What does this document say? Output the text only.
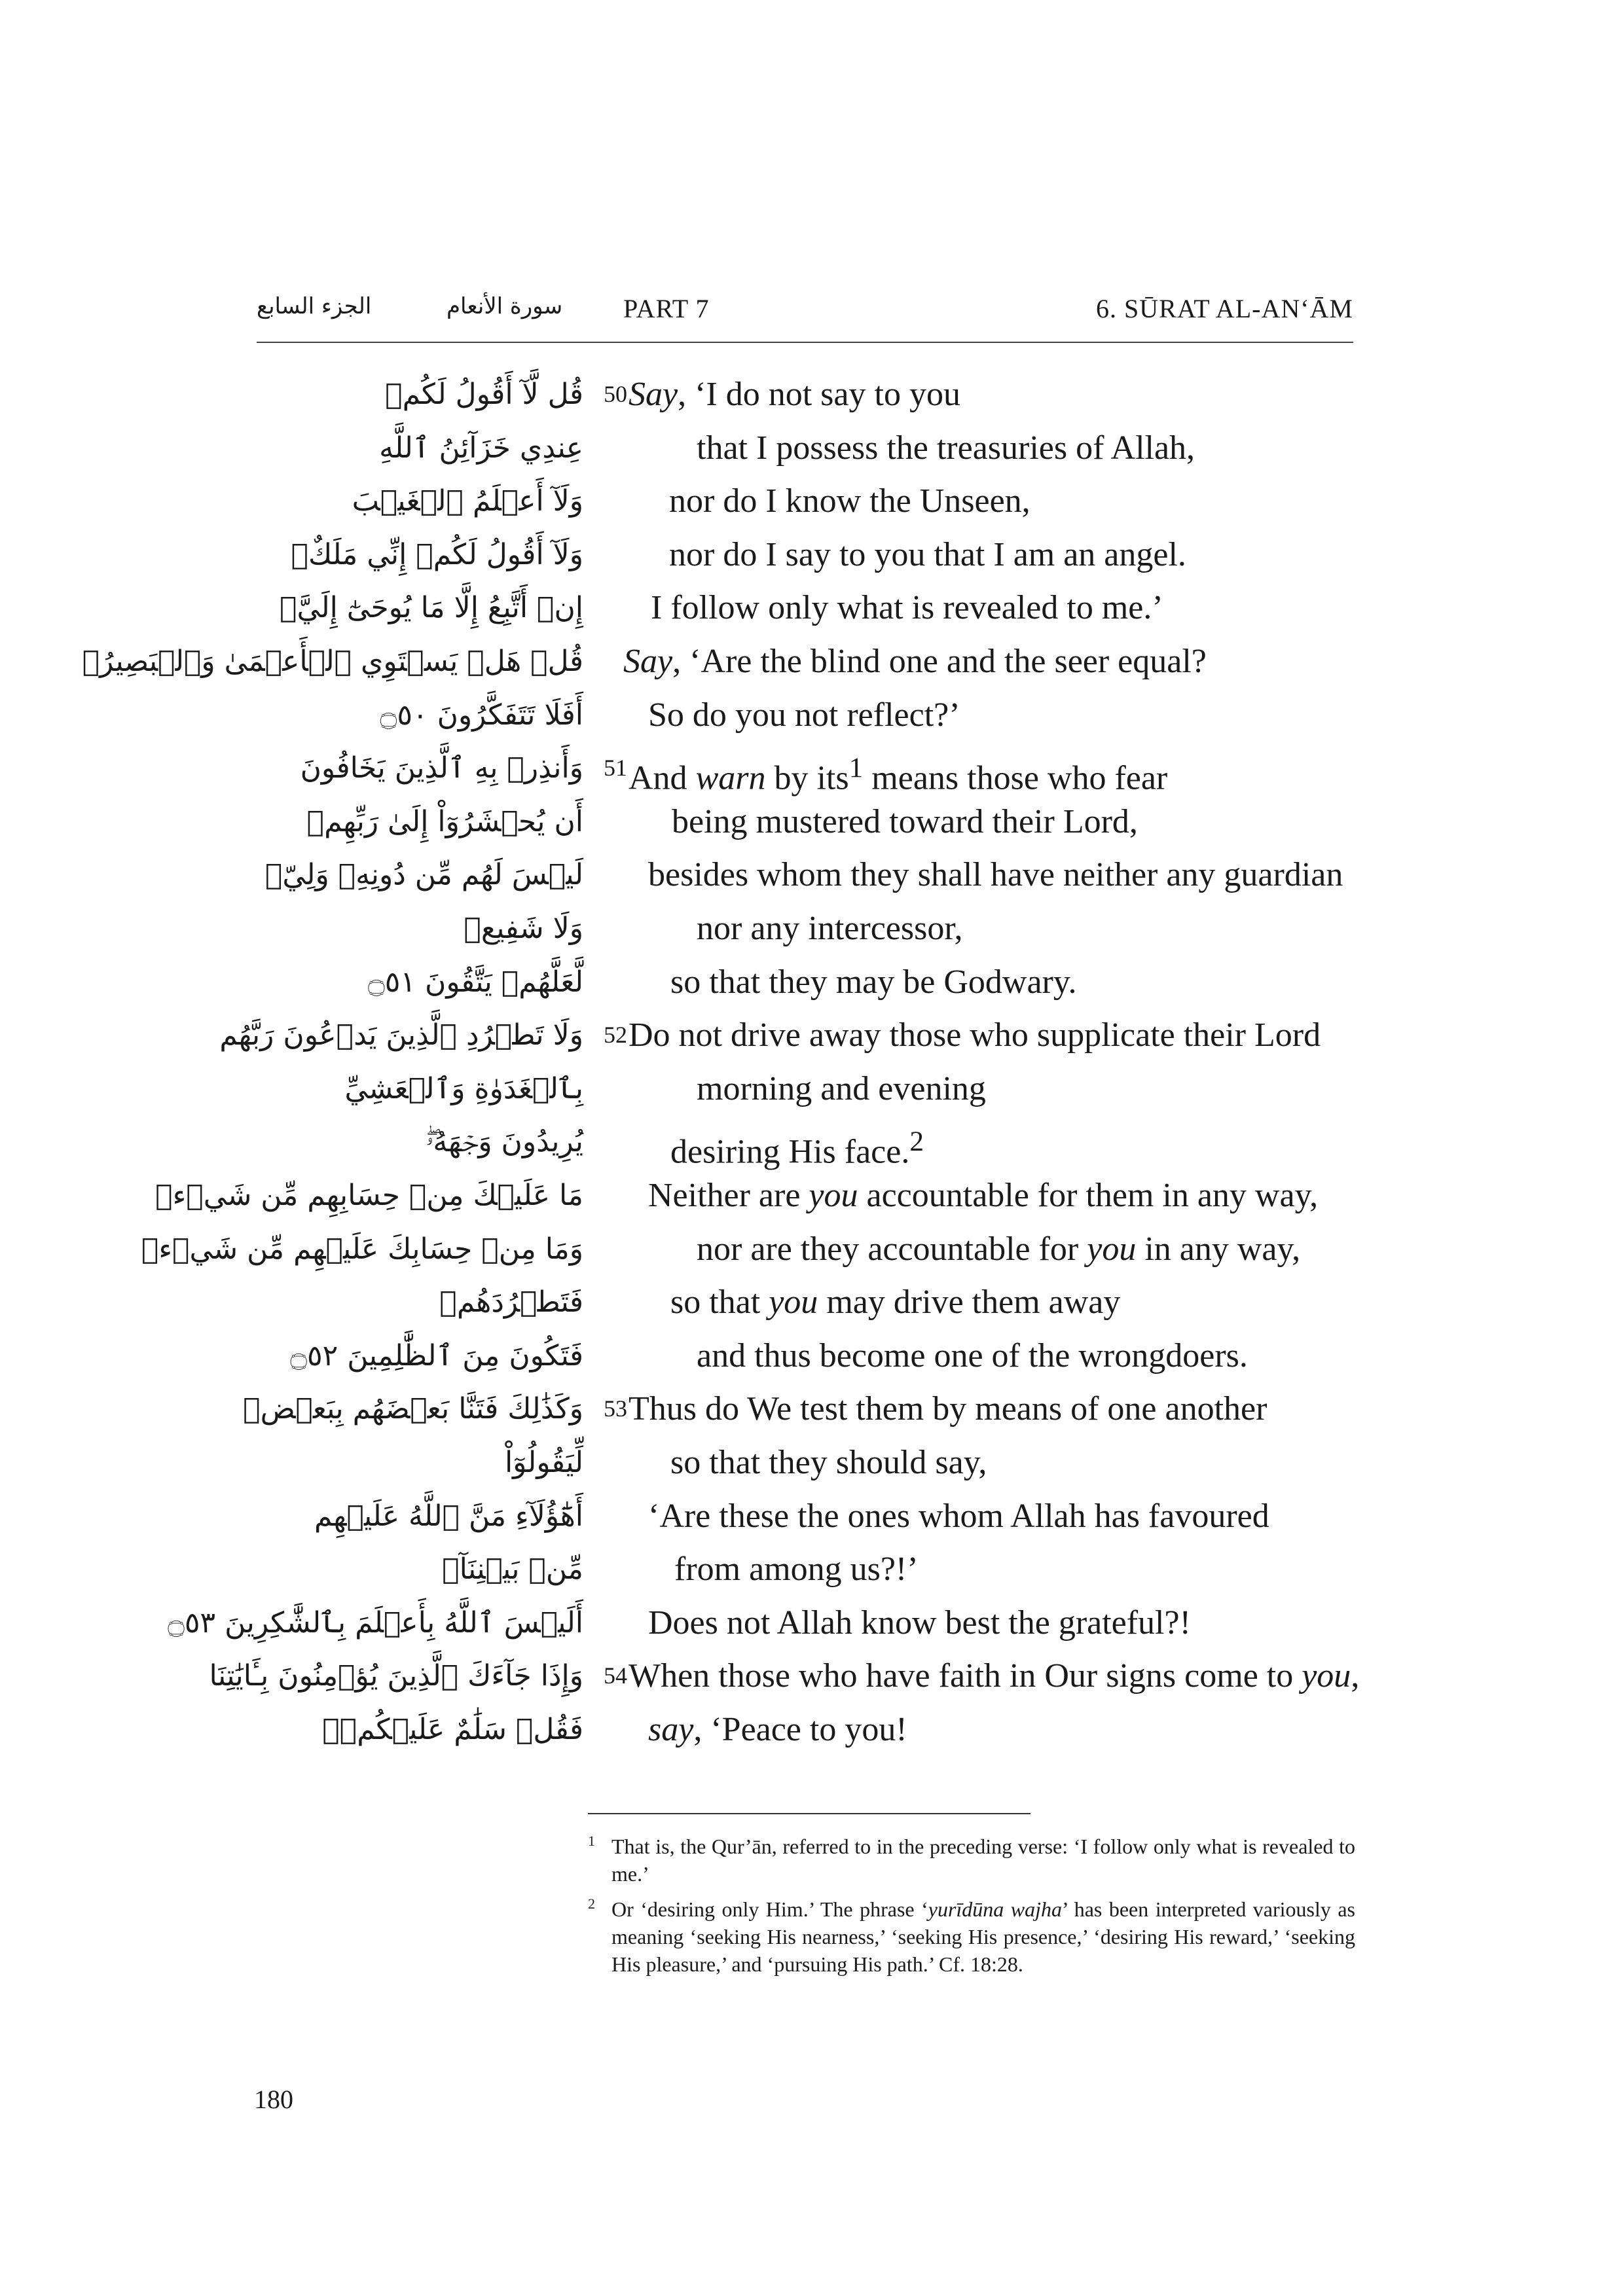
الجزء السابع	سورة الأنعام PART 7	6. SŪRAT AL-AN‘ĀM
قُل لَّآ أَقُولُ لَكُمۡ 50 Say, ‘I do not say to you
عِندِي خَزَآئِنُ ٱللَّهِ	that I possess the treasuries of Allah,
وَلَآ أَعۡلَمُ ٱلۡغَيۡبَ	nor do I know the Unseen,
وَلَآ أَقُولُ لَكُمۡ إِنِّي مَلَكٌۖ	nor do I say to you that I am an angel.
إِنۡ أَتَّبِعُ إِلَّا مَا يُوحَىٰٓ إِلَيَّۚ I follow only what is revealed to me.’
قُلۡ هَلۡ يَسۡتَوِي ٱلۡأَعۡمَىٰ وَٱلۡبَصِيرُۚ Say, ‘Are the blind one and the seer equal?
أَفَلَا تَتَفَكَّرُونَ ۝٥٠ So do you not reflect?’
وَأَنذِرۡ بِهِ ٱلَّذِينَ يَخَافُونَ 51 And warn by its$^1$ means those who fear
أَن يُحۡشَرُوٓاْ إِلَىٰ رَبِّهِمۡ	being mustered toward their Lord,
لَيۡسَ لَهُم مِّن دُونِهِۦ وَلِيّٞ besides whom they shall have neither any guardian
وَلَا شَفِيعٞ	nor any intercessor,
لَّعَلَّهُمۡ يَتَّقُونَ ۝٥١	so that they may be Godwary.
وَلَا تَطۡرُدِ ٱلَّذِينَ يَدۡعُونَ رَبَّهُم 52 Do not drive away those who supplicate their Lord
بِٱلۡغَدَوٰةِ وَٱلۡعَشِيِّ	morning and evening
يُرِيدُونَ وَجۡهَهُۥۖ	desiring His face.$^2$
مَا عَلَيۡكَ مِنۡ حِسَابِهِم مِّن شَيۡءٖ Neither are you accountable for them in any way,
وَمَا مِنۡ حِسَابِكَ عَلَيۡهِم مِّن شَيۡءٖ	nor are they accountable for you in any way,
فَتَطۡرُدَهُمۡ	so that you may drive them away
فَتَكُونَ مِنَ ٱلظَّٰلِمِينَ ۝٥٢	and thus become one of the wrongdoers.
وَكَذَٰلِكَ فَتَنَّا بَعۡضَهُم بِبَعۡضٖ 53 Thus do We test them by means of one another
لِّيَقُولُوٓاْ	so that they should say,
أَهَٰٓؤُلَآءِ مَنَّ ٱللَّهُ عَلَيۡهِم ‘Are these the ones whom Allah has favoured
مِّنۢ بَيۡنِنَآۗ	from among us?!’
أَلَيۡسَ ٱللَّهُ بِأَعۡلَمَ بِٱلشَّٰكِرِينَ ۝٥٣ Does not Allah know best the grateful?!
وَإِذَا جَآءَكَ ٱلَّذِينَ يُؤۡمِنُونَ بِـَٔايَٰتِنَا 54 When those who have faith in Our signs come to you,
فَقُلۡ سَلَٰمٌ عَلَيۡكُمۡۖ say, ‘Peace to you!
1 That is, the Qur’ān, referred to in the preceding verse: ‘I follow only what is revealed to me.’
2 Or ‘desiring only Him.’ The phrase ‘yurīdūna wajha’ has been interpreted variously as meaning ‘seeking His nearness,’ ‘seeking His presence,’ ‘desiring His reward,’ ‘seeking His pleasure,’ and ‘pursuing His path.’ Cf. 18:28.
180
